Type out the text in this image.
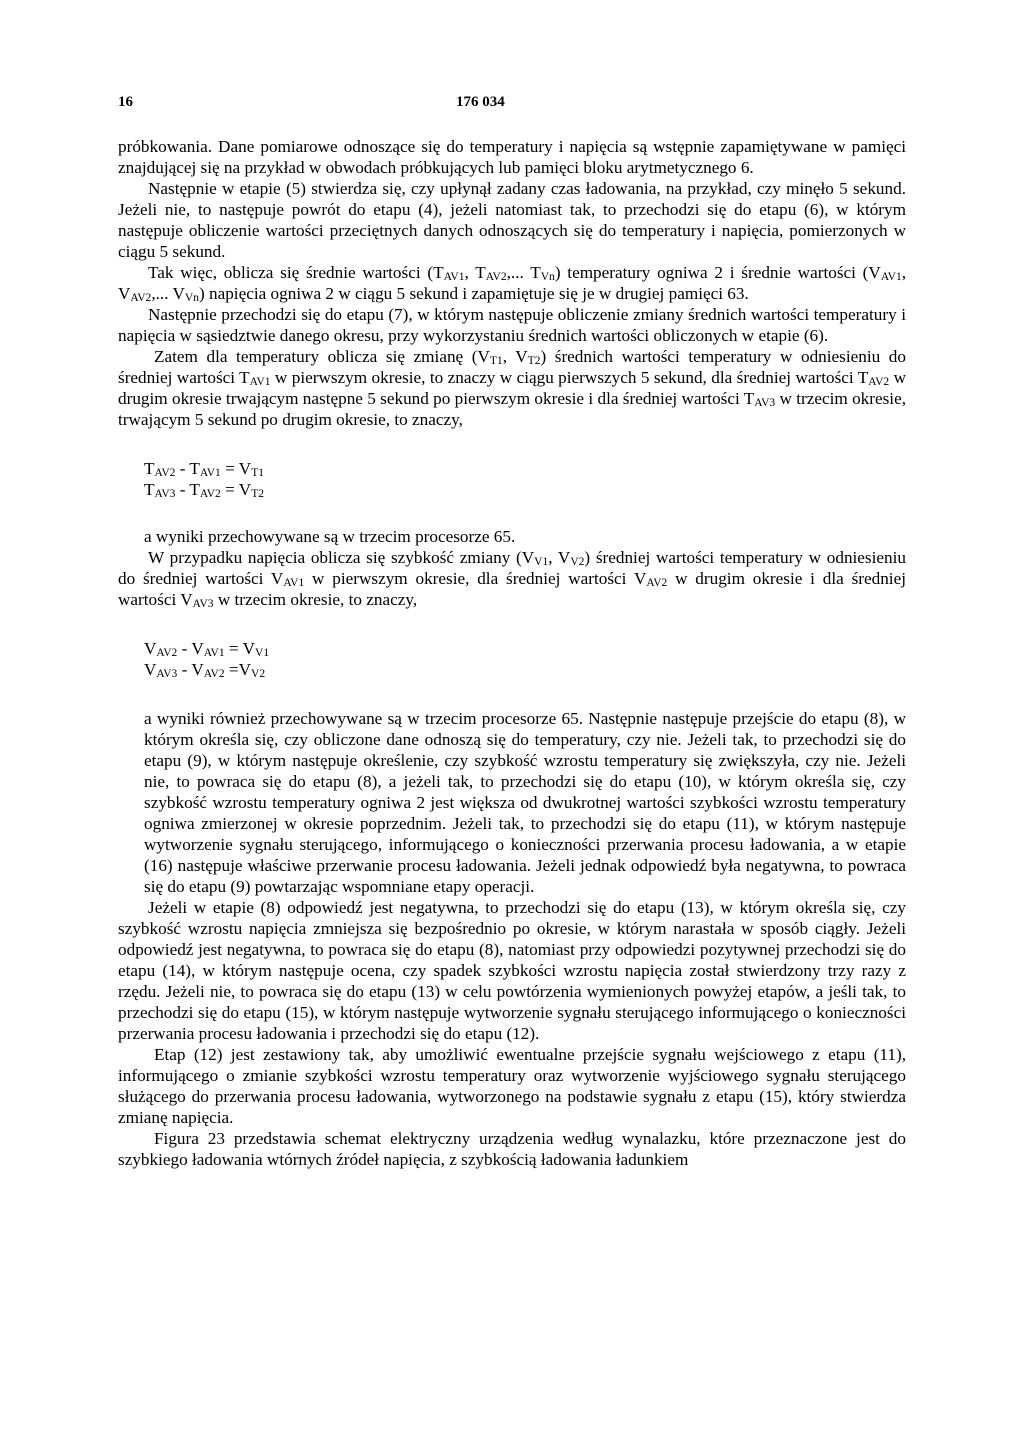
16	176 034

próbkowania. Dane pomiarowe odnoszące się do temperatury i napięcia są wstępnie zapamiętywane w pamięci znajdującej się na przykład w obwodach próbkujących lub pamięci bloku arytmetycznego 6.

Następnie w etapie (5) stwierdza się, czy upłynął zadany czas ładowania, na przykład, czy minęło 5 sekund. Jeżeli nie, to następuje powrót do etapu (4), jeżeli natomiast tak, to przechodzi się do etapu (6), w którym następuje obliczenie wartości przeciętnych danych odnoszących się do temperatury i napięcia, pomierzonych w ciągu 5 sekund.

Tak więc, oblicza się średnie wartości ($T_{AV1}$, $T_{AV2}$,... $T_{Vn}$) temperatury ogniwa 2 i średnie wartości ($V_{AV1}$, $V_{AV2}$,... $V_{Vn}$) napięcia ogniwa 2 w ciągu 5 sekund i zapamiętuje się je w drugiej pamięci 63.

Następnie przechodzi się do etapu (7), w którym następuje obliczenie zmiany średnich wartości temperatury i napięcia w sąsiedztwie danego okresu, przy wykorzystaniu średnich wartości obliczonych w etapie (6).

Zatem dla temperatury oblicza się zmianę ($V_{T1}$, $V_{T2}$) średnich wartości temperatury w odniesieniu do średniej wartości $T_{AV1}$ w pierwszym okresie, to znaczy w ciągu pierwszych 5 sekund, dla średniej wartości $T_{AV2}$ w drugim okresie trwającym następne 5 sekund po pierwszym okresie i dla średniej wartości $T_{AV3}$ w trzecim okresie, trwającym 5 sekund po drugim okresie, to znaczy,

$T_{AV2} - T_{AV1} = V_{T1}$

$T_{AV3} - T_{AV2} = V_{T2}$

a wyniki przechowywane są w trzecim procesorze 65.

W przypadku napięcia oblicza się szybkość zmiany ($V_{V1}$, $V_{V2}$) średniej wartości temperatury w odniesieniu do średniej wartości $V_{AV1}$ w pierwszym okresie, dla średniej wartości $V_{AV2}$ w drugim okresie i dla średniej wartości $V_{AV3}$ w trzecim okresie, to znaczy,

$V_{AV2} - V_{AV1} = V_{V1}$

$V_{AV3} - V_{AV2} =V_{V2}$

a wyniki również przechowywane są w trzecim procesorze 65. Następnie następuje przejście do etapu (8), w którym określa się, czy obliczone dane odnoszą się do temperatury, czy nie. Jeżeli tak, to przechodzi się do etapu (9), w którym następuje określenie, czy szybkość wzrostu temperatury się zwiększyła, czy nie. Jeżeli nie, to powraca się do etapu (8), a jeżeli tak, to przechodzi się do etapu (10), w którym określa się, czy szybkość wzrostu temperatury ogniwa 2 jest większa od dwukrotnej wartości szybkości wzrostu temperatury ogniwa zmierzonej w okresie poprzednim. Jeżeli tak, to przechodzi się do etapu (11), w którym następuje wytworzenie sygnału sterującego, informującego o konieczności przerwania procesu ładowania, a w etapie (16) następuje właściwe przerwanie procesu ładowania. Jeżeli jednak odpowiedź była negatywna, to powraca się do etapu (9) powtarzając wspomniane etapy operacji.

Jeżeli w etapie (8) odpowiedź jest negatywna, to przechodzi się do etapu (13), w którym określa się, czy szybkość wzrostu napięcia zmniejsza się bezpośrednio po okresie, w którym narastała w sposób ciągły. Jeżeli odpowiedź jest negatywna, to powraca się do etapu (8), natomiast przy odpowiedzi pozytywnej przechodzi się do etapu (14), w którym następuje ocena, czy spadek szybkości wzrostu napięcia został stwierdzony trzy razy z rzędu. Jeżeli nie, to powraca się do etapu (13) w celu powtórzenia wymienionych powyżej etapów, a jeśli tak, to przechodzi się do etapu (15), w którym następuje wytworzenie sygnału sterującego informującego o konieczności przerwania procesu ładowania i przechodzi się do etapu (12).

Etap (12) jest zestawiony tak, aby umożliwić ewentualne przejście sygnału wejściowego z etapu (11), informującego o zmianie szybkości wzrostu temperatury oraz wytworzenie wyjściowego sygnału sterującego służącego do przerwania procesu ładowania, wytworzonego na podstawie sygnału z etapu (15), który stwierdza zmianę napięcia.

Figura 23 przedstawia schemat elektryczny urządzenia według wynalazku, które przeznaczone jest do szybkiego ładowania wtórnych źródeł napięcia, z szybkością ładowania ładunkiem
